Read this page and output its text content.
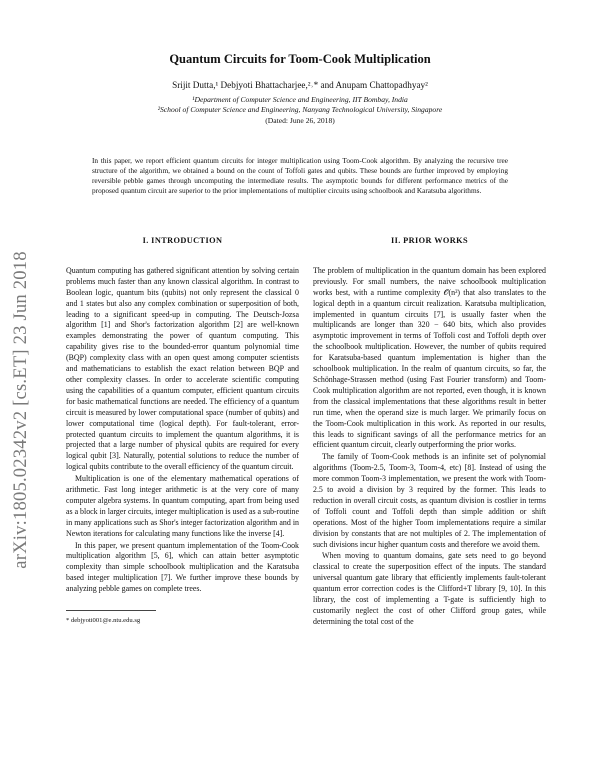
arXiv:1805.02342v2 [cs.ET] 23 Jun 2018
Quantum Circuits for Toom-Cook Multiplication
Srijit Dutta,¹ Debjyoti Bhattacharjee,²˒* and Anupam Chattopadhyay²
¹Department of Computer Science and Engineering, IIT Bombay, India
²School of Computer Science and Engineering, Nanyang Technological University, Singapore
(Dated: June 26, 2018)
In this paper, we report efficient quantum circuits for integer multiplication using Toom-Cook algorithm. By analyzing the recursive tree structure of the algorithm, we obtained a bound on the count of Toffoli gates and qubits. These bounds are further improved by employing reversible pebble games through uncomputing the intermediate results. The asymptotic bounds for different performance metrics of the proposed quantum circuit are superior to the prior implementations of multiplier circuits using schoolbook and Karatsuba algorithms.
I. INTRODUCTION

Quantum computing has gathered significant attention by solving certain problems much faster than any known classical algorithm. In contrast to Boolean logic, quantum bits (qubits) not only represent the classical 0 and 1 states but also any complex combination or superposition of both, leading to a significant speed-up in computing. The Deutsch-Jozsa algorithm [1] and Shor's factorization algorithm [2] are well-known examples demonstrating the power of quantum computing. This capability gives rise to the bounded-error quantum polynomial time (BQP) complexity class with an open quest among computer scientists and mathematicians to establish the exact relation between BQP and other complexity classes. In order to accelerate scientific computing using the capabilities of a quantum computer, efficient quantum circuits for basic mathematical functions are needed. The efficiency of a quantum circuit is measured by lower computational space (number of qubits) and lower computational time (logical depth). For fault-tolerant, error-protected quantum circuits to implement the quantum algorithms, it is projected that a large number of physical qubits are required for every logical qubit [3]. Naturally, potential solutions to reduce the number of logical qubits contribute to the overall efficiency of the quantum circuit.

Multiplication is one of the elementary mathematical operations of arithmetic. Fast long integer arithmetic is at the very core of many computer algebra systems. In quantum computing, apart from being used as a block in larger circuits, integer multiplication is used as a sub-routine in many applications such as Shor's integer factorization algorithm and in Newton iterations for calculating many functions like the inverse [4].

In this paper, we present quantum implementation of the Toom-Cook multiplication algorithm [5, 6], which can attain better asymptotic complexity than simple schoolbook multiplication and the Karatsuba based integer multiplication [7]. We further improve these bounds by analyzing pebble games on complete trees.

II. PRIOR WORKS

The problem of multiplication in the quantum domain has been explored previously. For small numbers, the naive schoolbook multiplication works best, with a runtime complexity 𝒪(n²) that also translates to the logical depth in a quantum circuit realization. Karatsuba multiplication, implemented in quantum circuits [7], is usually faster when the multiplicands are longer than 320 − 640 bits, which also provides asymptotic improvement in terms of Toffoli cost and Toffoli depth over the schoolbook multiplication. However, the number of qubits required for Karatsuba-based quantum implementation is higher than the schoolbook multiplication. In the realm of quantum circuits, so far, the Schönhage-Strassen method (using Fast Fourier transform) and Toom-Cook multiplication algorithm are not reported, even though, it is known from the classical implementations that these algorithms result in better run time, when the operand size is much larger. We primarily focus on the Toom-Cook multiplication in this work. As reported in our results, this leads to significant savings of all the performance metrics for an efficient quantum circuit, clearly outperforming the prior works.

The family of Toom-Cook methods is an infinite set of polynomial algorithms (Toom-2.5, Toom-3, Toom-4, etc) [8]. Instead of using the more common Toom-3 implementation, we present the work with Toom-2.5 to avoid a division by 3 required by the former. This leads to reduction in overall circuit costs, as quantum division is costlier in terms of Toffoli count and Toffoli depth than simple addition or shift operations. Most of the higher Toom implementations require a similar division by constants that are not multiples of 2. The implementation of such divisions incur higher quantum costs and therefore we avoid them.

When moving to quantum domains, gate sets need to go beyond classical to create the superposition effect of the inputs. The standard universal quantum gate library that efficiently implements fault-tolerant quantum error correction codes is the Clifford+T library [9, 10]. In this library, the cost of implementing a T-gate is sufficiently high to customarily neglect the cost of other Clifford group gates, while determining the total cost of the

* debjyoti001@e.ntu.edu.sg
